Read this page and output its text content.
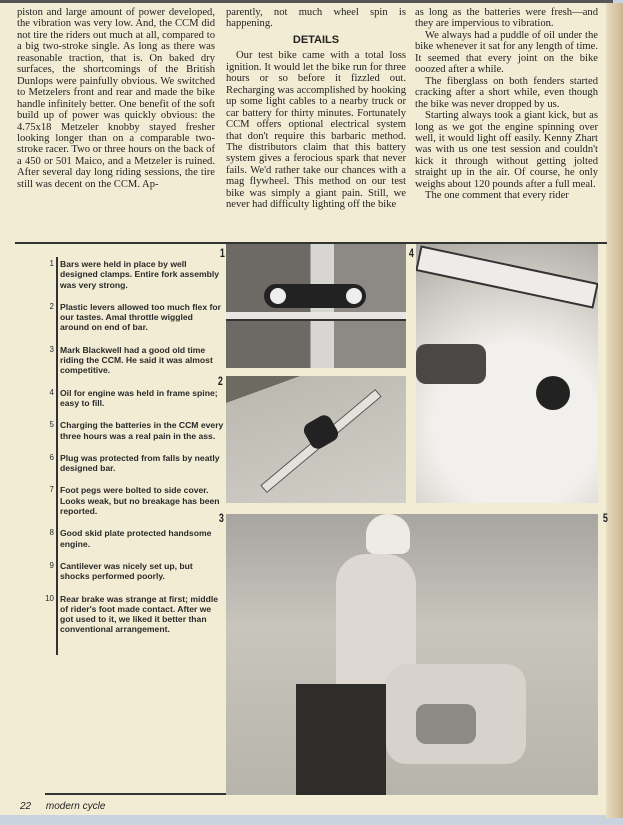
piston and large amount of power developed, the vibration was very low. And, the CCM did not tire the riders out much at all, compared to a big two-stroke single. As long as there was reasonable traction, that is. On baked dry surfaces, the shortcomings of the British Dunlops were painfully obvious. We switched to Metzelers front and rear and made the bike handle infinitely better. One benefit of the soft build up of power was quickly obvious: the 4.75x18 Metzeler knobby stayed fresher looking longer than on a comparable two-stroke racer. Two or three hours on the back of a 450 or 501 Maico, and a Metzeler is ruined. After several day long riding sessions, the tire still was decent on the CCM. Ap-

parently, not much wheel spin is happening.

DETAILS

Our test bike came with a total loss ignition. It would let the bike run for three hours or so before it fizzled out. Recharging was accomplished by hooking up some light cables to a nearby truck or car battery for thirty minutes. Fortunately CCM offers optional electrical system that don't require this barbaric method. The distributors claim that this battery system gives a ferocious spark that never fails. We'd rather take our chances with a mag flywheel. This method on our test bike was simply a giant pain. Still, we never had difficulty lighting off the bike

as long as the batteries were fresh—and they are impervious to vibration.

We always had a puddle of oil under the bike whenever it sat for any length of time. It seemed that every joint on the bike ooozed after a while.

The fiberglass on both fenders started cracking after a short while, even though the bike was never dropped by us.

Starting always took a giant kick, but as long as we got the engine spinning over well, it would light off easily. Kenny Zhart was with us one test session and couldn't kick it through without getting jolted straight up in the air. Of course, he only weighs about 120 pounds after a full meal.

The one comment that every rider

1 Bars were held in place by well designed clamps. Entire fork assembly was very strong.
2 Plastic levers allowed too much flex for our tastes. Amal throttle wiggled around on end of bar.
3 Mark Blackwell had a good old time riding the CCM. He said it was almost competitive.
4 Oil for engine was held in frame spine; easy to fill.
5 Charging the batteries in the CCM every three hours was a real pain in the ass.
6 Plug was protected from falls by neatly designed bar.
7 Foot pegs were bolted to side cover. Looks weak, but no breakage has been reported.
8 Good skid plate protected handsome engine.
9 Cantilever was nicely set up, but shocks performed poorly.
10 Rear brake was strange at first; middle of rider's foot made contact. After we got used to it, we liked it better than conventional arrangement.
1
2
4
3	5
22 modern cycle
